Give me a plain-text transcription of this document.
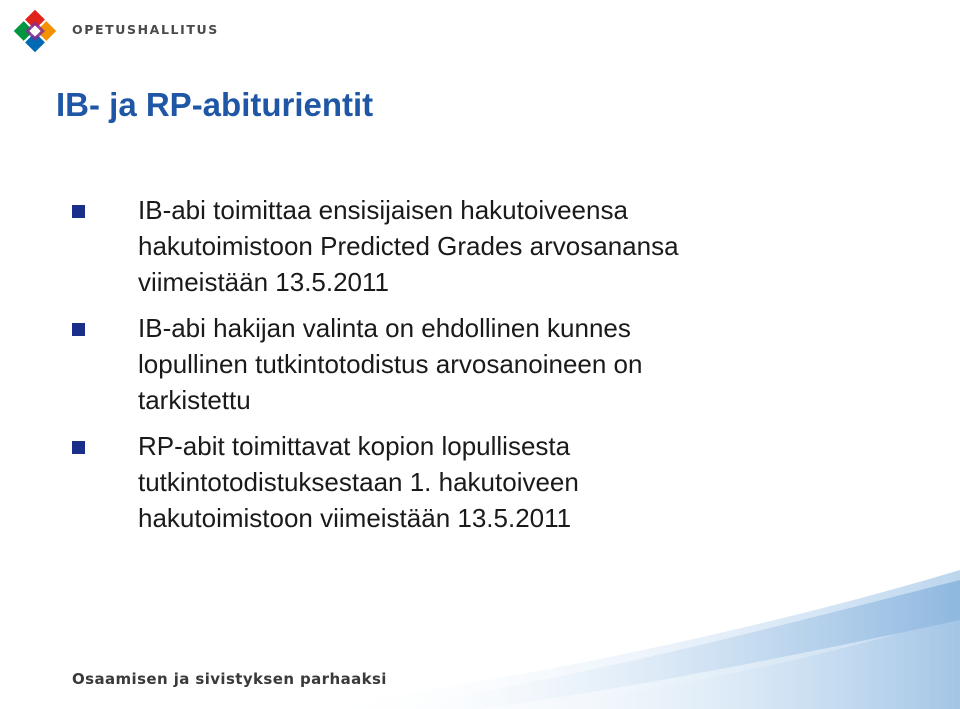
OPETUSHALLITUS
IB- ja RP-abiturientit
IB-abi toimittaa ensisijaisen hakutoiveensa
hakutoimistoon Predicted Grades arvosanansa
viimeistään 13.5.2011
IB-abi hakijan valinta on ehdollinen kunnes
lopullinen tutkintotodistus arvosanoineen on
tarkistettu
RP-abit toimittavat kopion lopullisesta
tutkintotodistuksestaan 1. hakutoiveen
hakutoimistoon viimeistään 13.5.2011
Osaamisen ja sivistyksen parhaaksi
